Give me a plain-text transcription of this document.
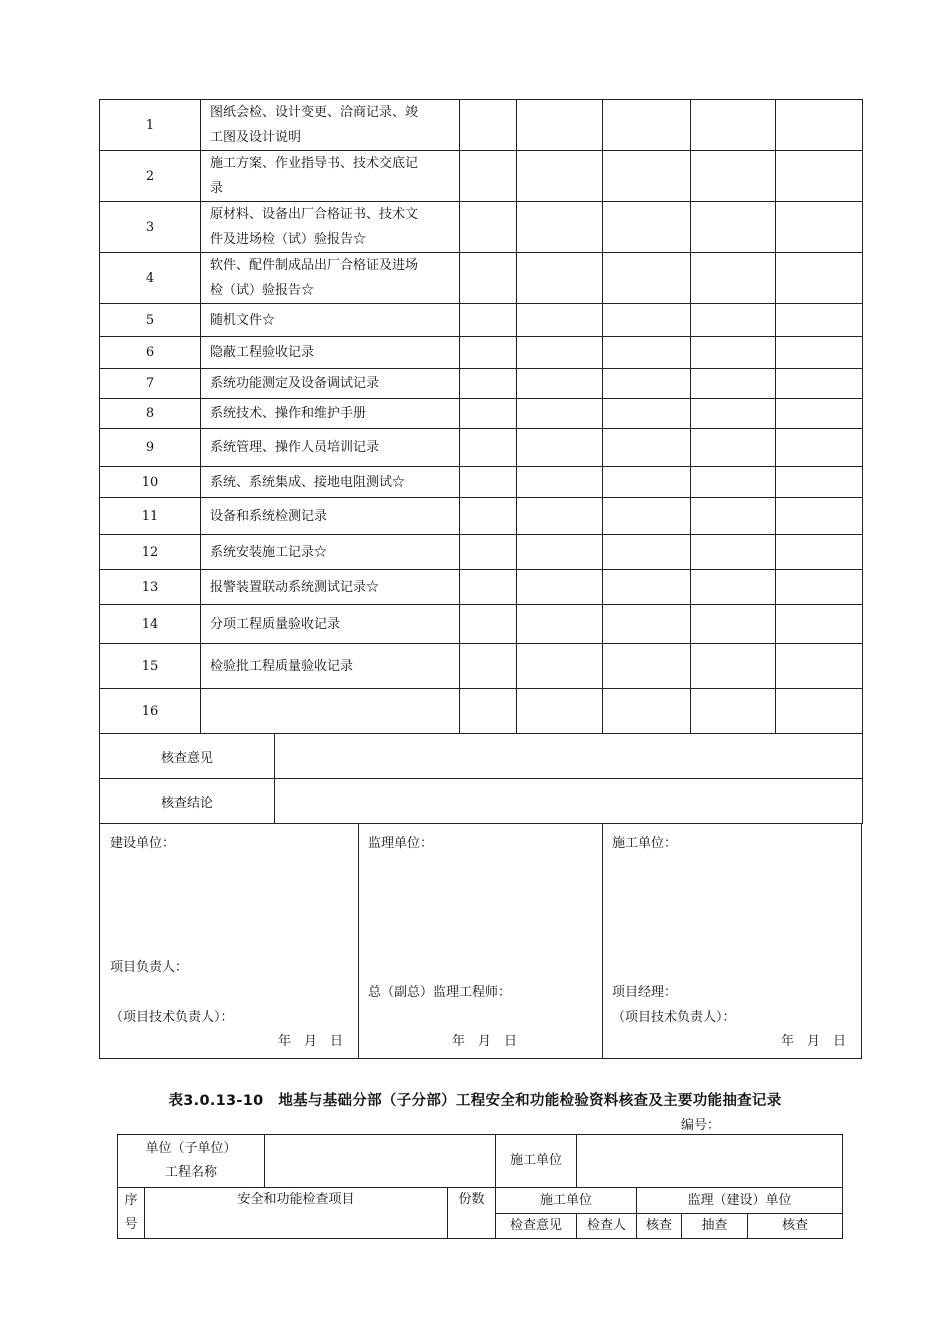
1	图纸会检、设计变更、洽商记录、竣
工图及设计说明					

2	施工方案、作业指导书、技术交底记
录					

3	原材料、设备出厂合格证书、技术文
件及进场检（试）验报告☆					

4	软件、配件制成品出厂合格证及进场
检（试）验报告☆					

5	随机文件☆					

6	隐蔽工程验收记录					

7	系统功能测定及设备调试记录					

8	系统技术、操作和维护手册					

9	系统管理、操作人员培训记录					

10	系统、系统集成、接地电阻测试☆					

11	设备和系统检测记录					

12	系统安装施工记录☆					

13	报警装置联动系统测试记录☆					

14	分项工程质量验收记录					

15	检验批工程质量验收记录					

16	

核查意见						

核查结论						
建设单位：
项目负责人：
（项目技术负责人）：
年　月　日
监理单位：
总（副总）监理工程师：
年　月　日
施工单位：
项目经理：
（项目技术负责人）：
年　月　日
表3.0.13-10　地基与基础分部（子分部）工程安全和功能检验资料核查及主要功能抽查记录
编号：
单位（子单位）
工程名称				施工单位				

序
号	安全和功能检查项目		份数	施工单位		监理（建设）单位		
				检查意见	检查人	核查	抽查	核查
